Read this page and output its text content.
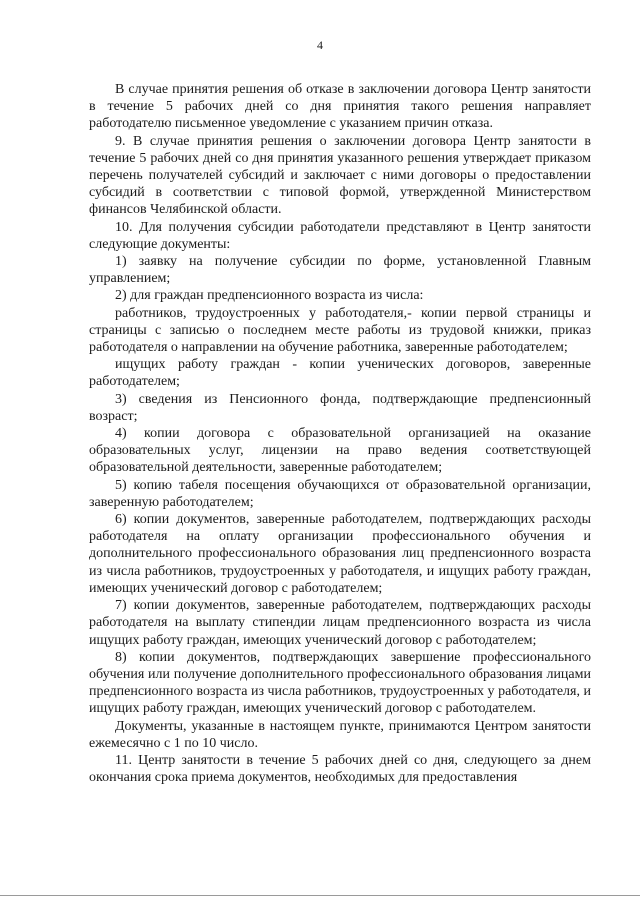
4

В случае принятия решения об отказе в заключении договора Центр занятости в течение 5 рабочих дней со дня принятия такого решения направляет работодателю письменное уведомление с указанием причин отказа.

9. В случае принятия решения о заключении договора Центр занятости в течение 5 рабочих дней со дня принятия указанного решения утверждает приказом перечень получателей субсидий и заключает с ними договоры о предоставлении субсидий в соответствии с типовой формой, утвержденной Министерством финансов Челябинской области.

10. Для получения субсидии работодатели представляют в Центр занятости следующие документы:

1) заявку на получение субсидии по форме, установленной Главным управлением;

2) для граждан предпенсионного возраста из числа:

работников, трудоустроенных у работодателя,- копии первой страницы и страницы с записью о последнем месте работы из трудовой книжки, приказ работодателя о направлении на обучение работника, заверенные работодателем;

ищущих работу граждан - копии ученических договоров, заверенные работодателем;

3) сведения из Пенсионного фонда, подтверждающие предпенсионный возраст;

4) копии договора с образовательной организацией на оказание образовательных услуг, лицензии на право ведения соответствующей образовательной деятельности, заверенные работодателем;

5) копию табеля посещения обучающихся от образовательной организации, заверенную работодателем;

6) копии документов, заверенные работодателем, подтверждающих расходы работодателя на оплату организации профессионального обучения и дополнительного профессионального образования лиц предпенсионного возраста из числа работников, трудоустроенных у работодателя, и ищущих работу граждан, имеющих ученический договор с работодателем;

7) копии документов, заверенные работодателем, подтверждающих расходы работодателя на выплату стипендии лицам предпенсионного возраста из числа ищущих работу граждан, имеющих ученический договор с работодателем;

8) копии документов, подтверждающих завершение профессионального обучения или получение дополнительного профессионального образования лицами предпенсионного возраста из числа работников, трудоустроенных у работодателя, и ищущих работу граждан, имеющих ученический договор с работодателем.

Документы, указанные в настоящем пункте, принимаются Центром занятости ежемесячно с 1 по 10 число.

11. Центр занятости в течение 5 рабочих дней со дня, следующего за днем окончания срока приема документов, необходимых для предоставления
